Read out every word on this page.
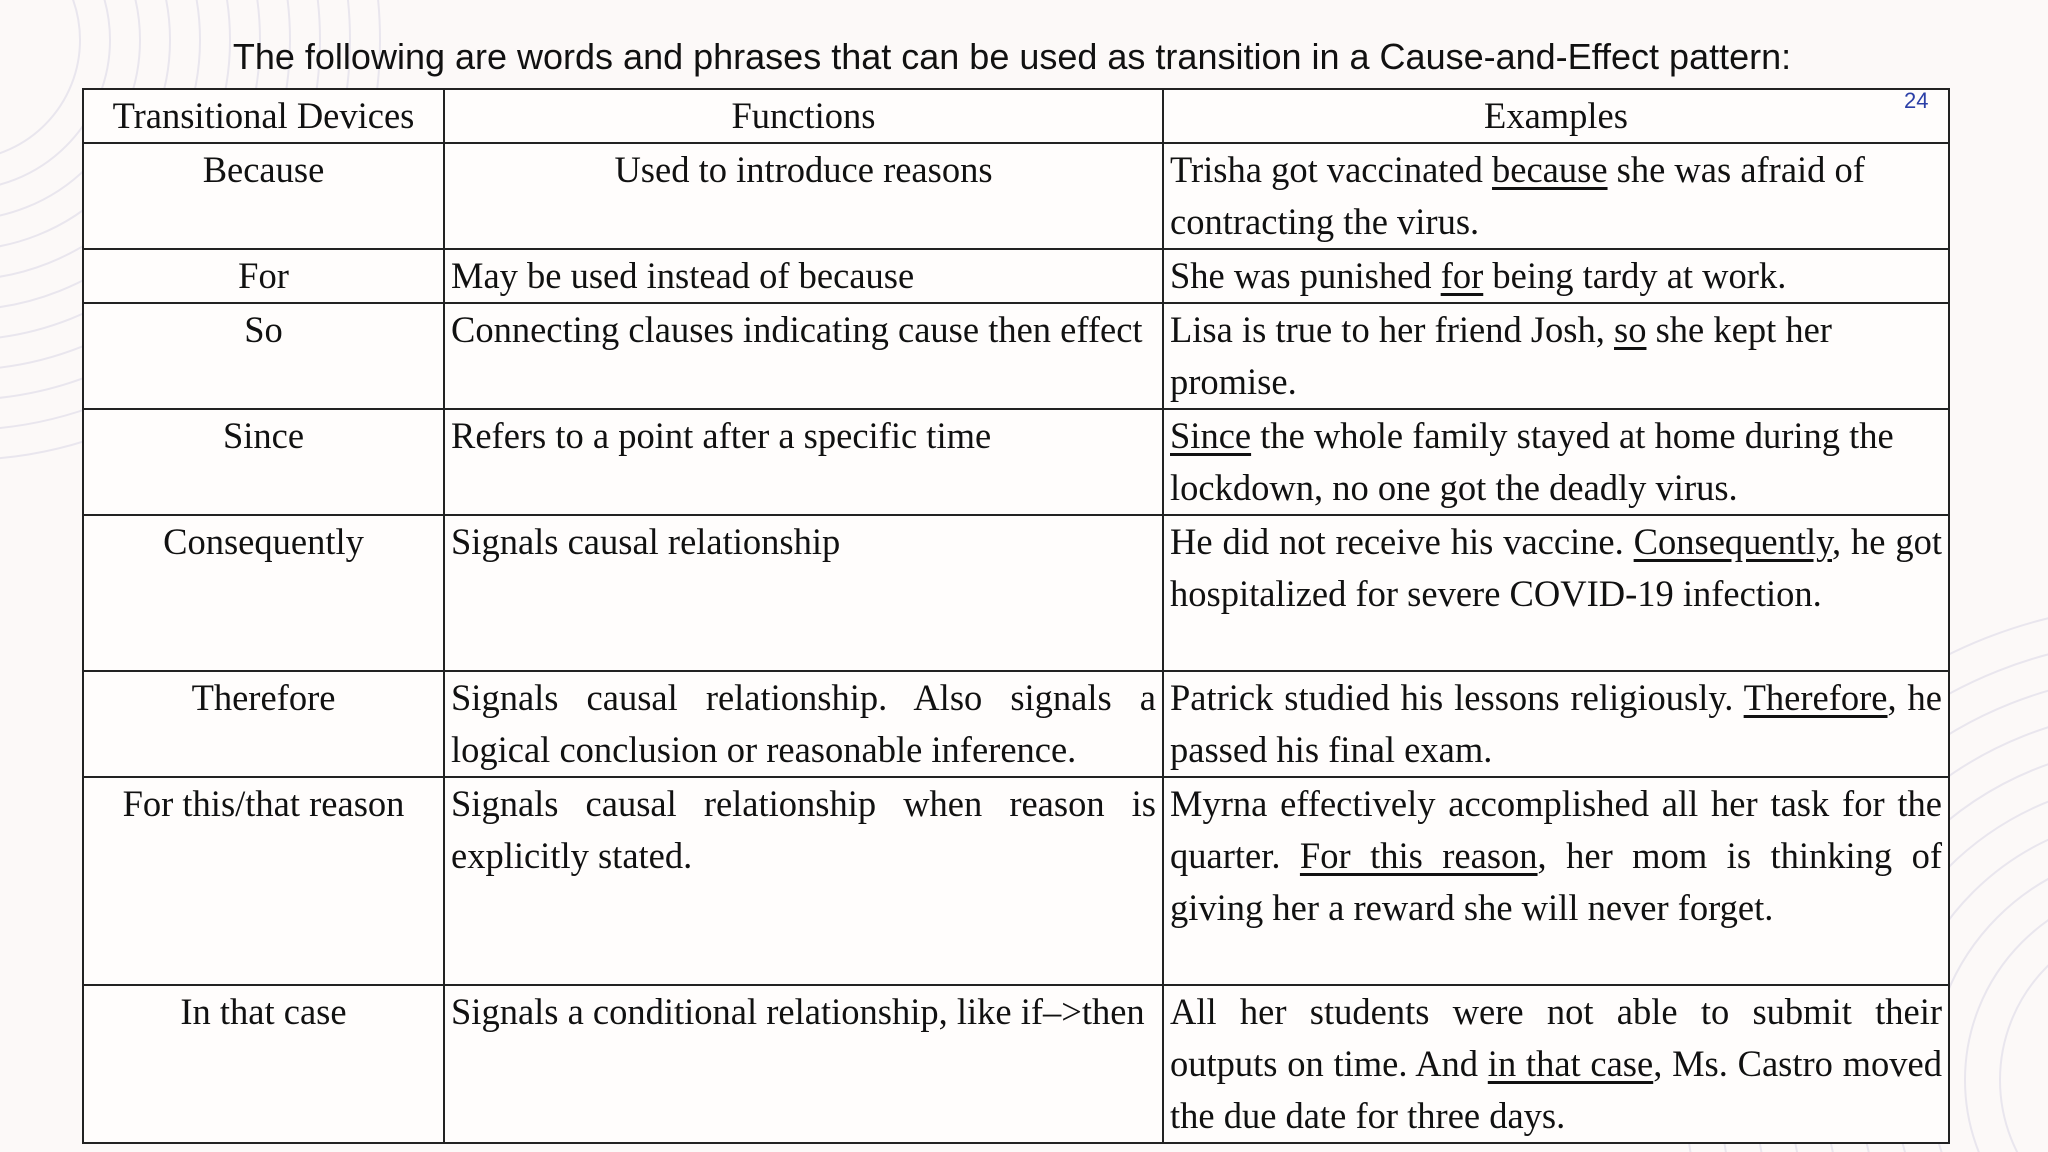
The following are words and phrases that can be used as transition in a Cause-and-Effect pattern:
24
Transitional Devices	Functions	Examples
Because	Used to introduce reasons	Trisha got vaccinated because she was afraid of contracting the virus.
For	May be used instead of because	She was punished for being tardy at work.
So	Connecting clauses indicating cause then effect	Lisa is true to her friend Josh, so she kept her promise.
Since	Refers to a point after a specific time	Since the whole family stayed at home during the lockdown, no one got the deadly virus.
Consequently	Signals causal relationship	He did not receive his vaccine. Consequently, he got hospitalized for severe COVID-19 infection.
Therefore	Signals causal relationship. Also signals a logical conclusion or reasonable inference.	Patrick studied his lessons religiously. Therefore, he passed his final exam.
For this/that reason	Signals causal relationship when reason is explicitly stated.	Myrna effectively accomplished all her task for the quarter. For this reason, her mom is thinking of giving her a reward she will never forget.
In that case	Signals a conditional relationship, like if–>then	All her students were not able to submit their outputs on time. And in that case, Ms. Castro moved the due date for three days.
